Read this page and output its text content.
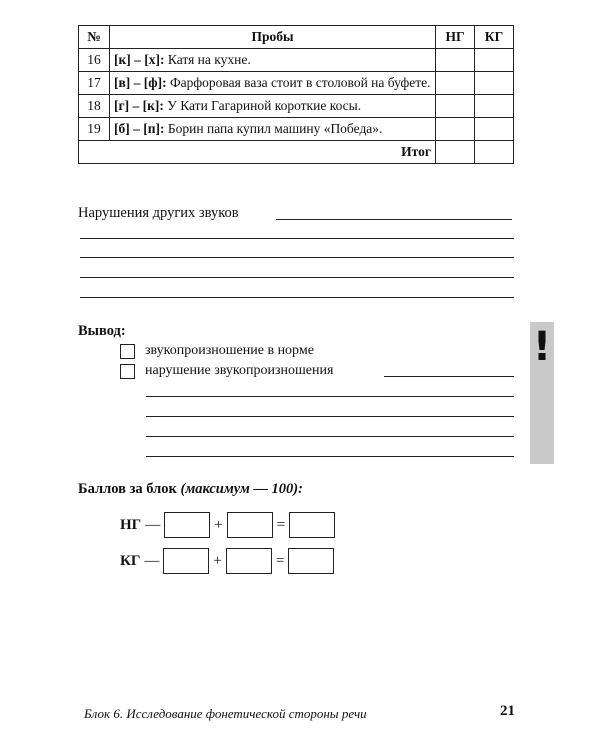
№	Пробы	НГ	КГ
16	[к] – [х]: Катя на кухне.		
17	[в] – [ф]: Фарфоровая ваза стоит в столовой на буфете.		
18	[г] – [к]: У Кати Гагариной короткие косы.		
19	[б] – [п]: Борин папа купил машину «Победа».		
Итог			
Нарушения других звуков
Вывод:
звукопроизношение в норме
нарушение звукопроизношения
!
Баллов за блок (максимум — 100):
НГ —	+	=
КГ —	+	=
Блок 6. Исследование фонетической стороны речи	21
